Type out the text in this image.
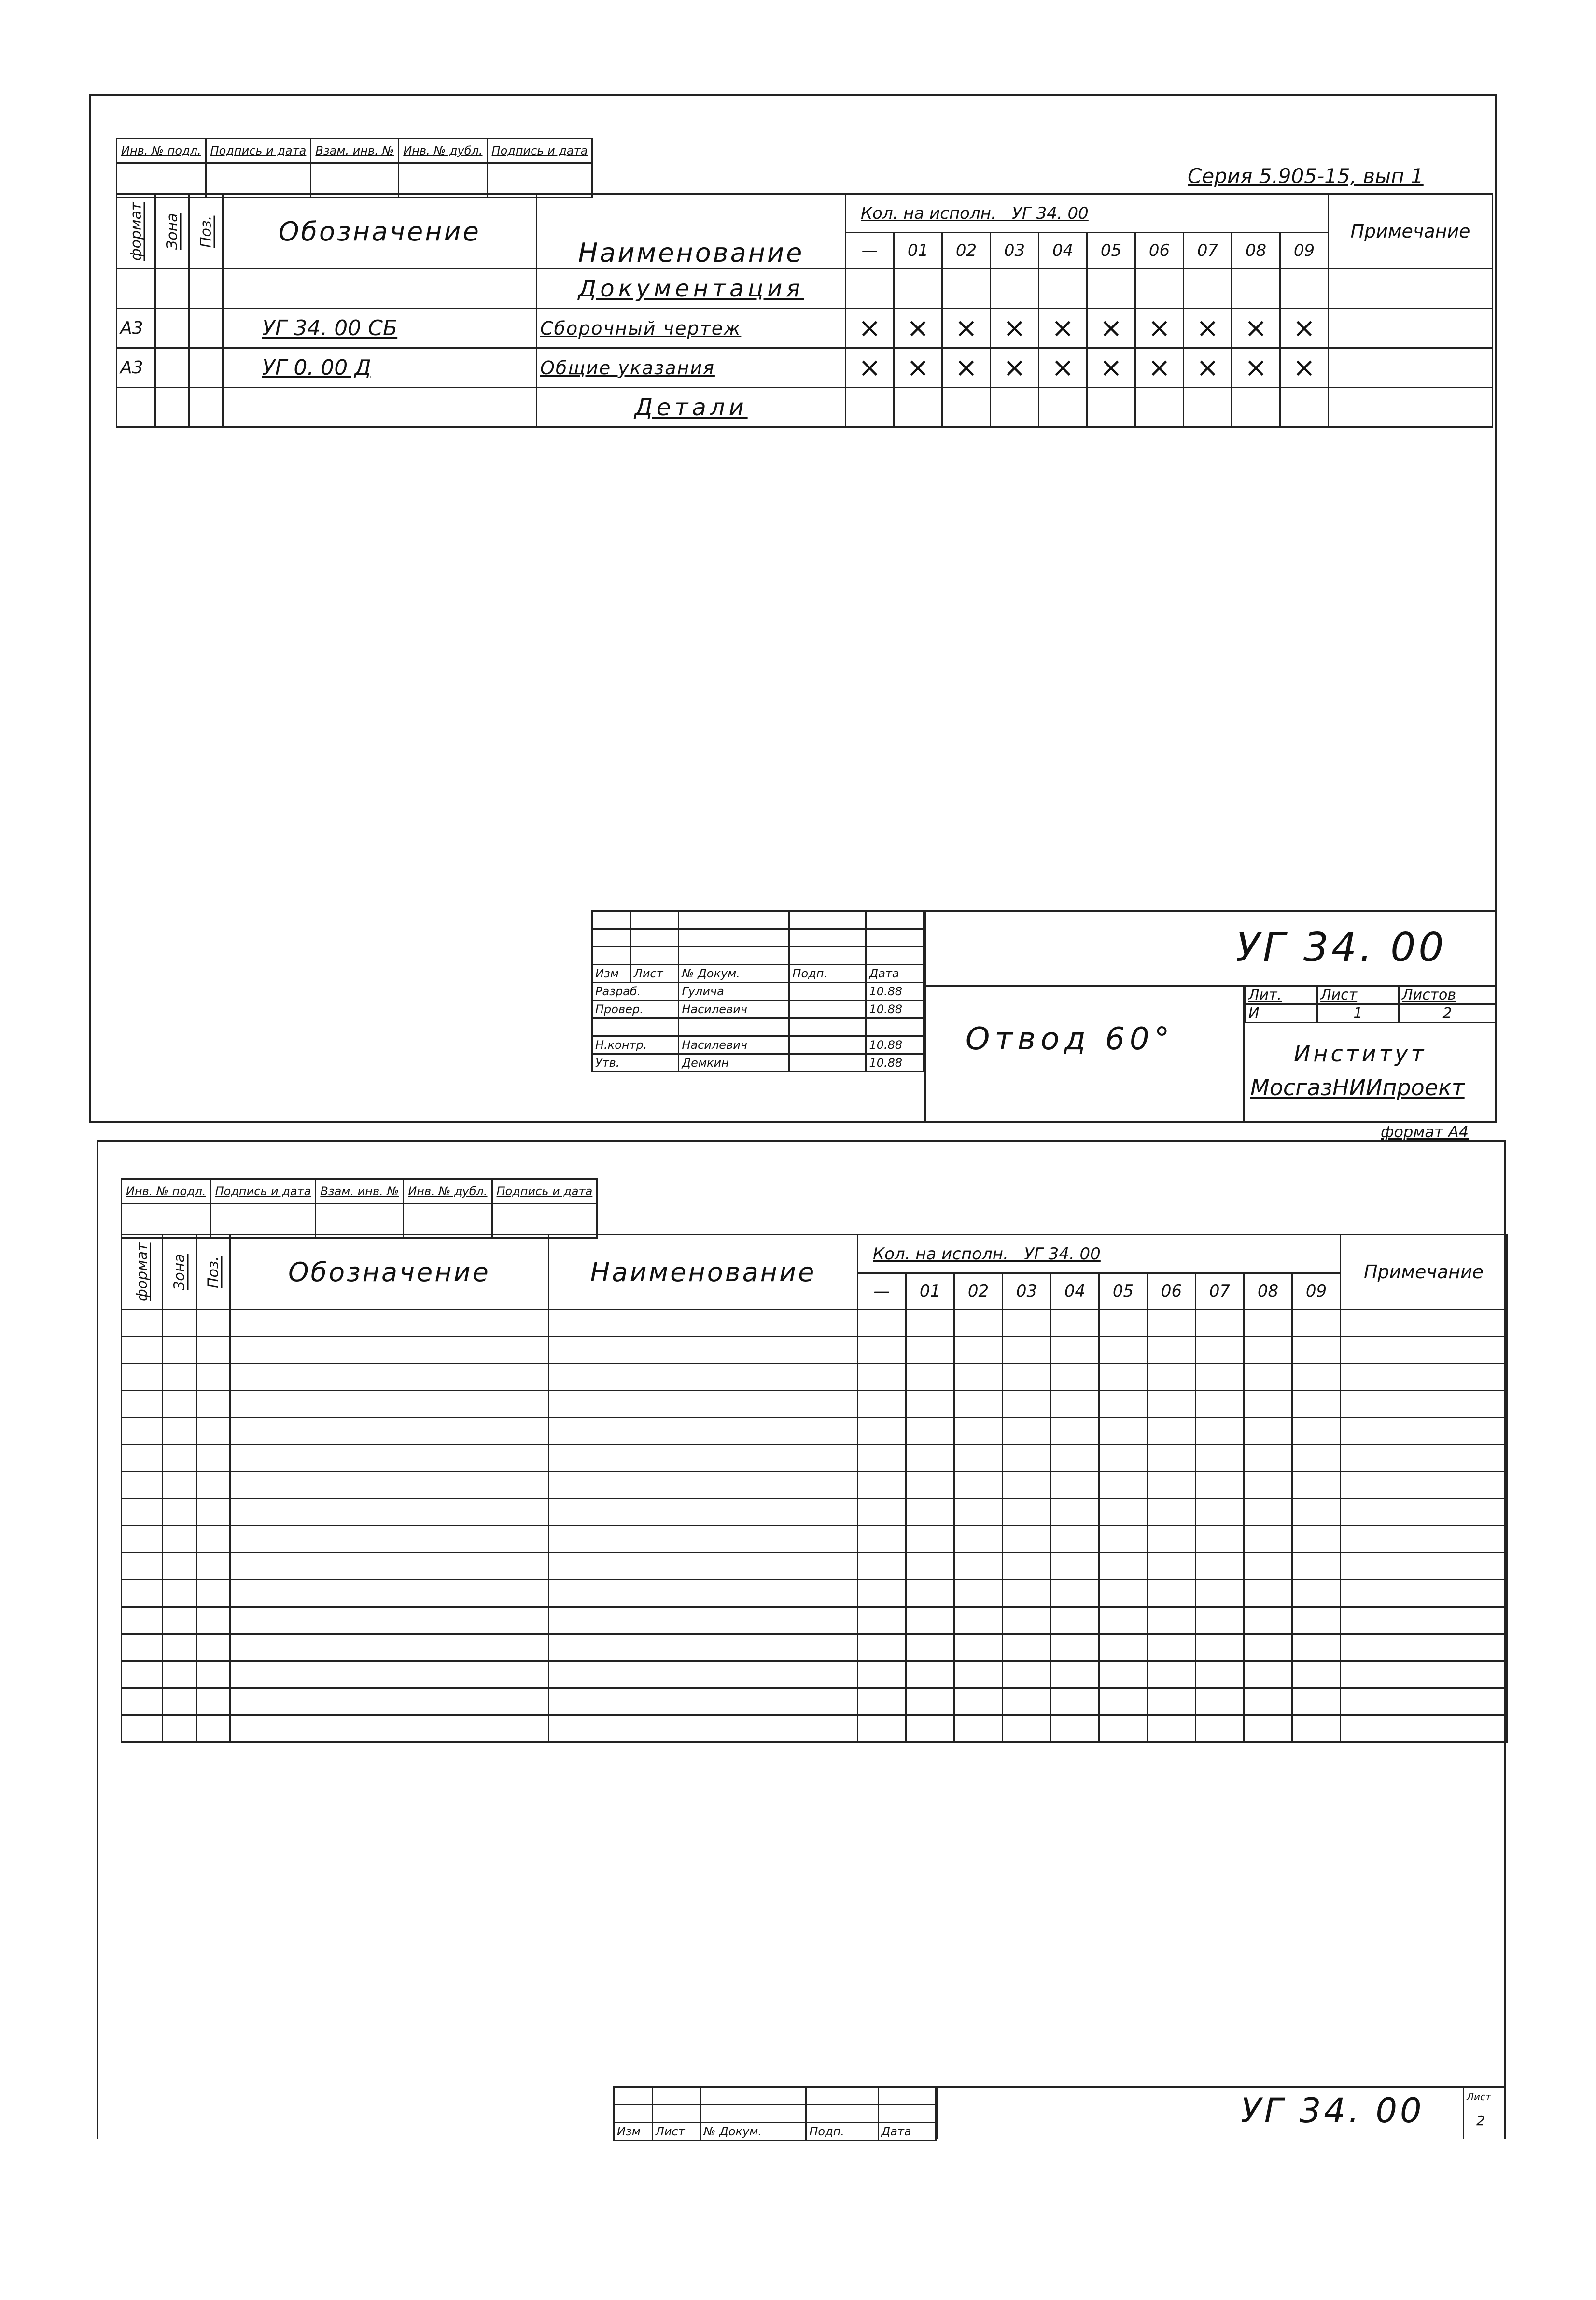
Инв. № подл.	Подпись и дата	Взам. инв. №	Инв. № дубл.	Подпись и дата

Серия 5.905-15, вып 1
формат	Зона	Поз.	Обозначение	Наименование	Кол. на исполн. УГ 34. 00										Примечание
					—	01	02	03	04	05	06	07	08	09	
				Документация											
А3			УГ 34. 00 СБ	Сборочный чертеж	×	×	×	×	×	×	×	×	×	×	
А3			УГ 0. 00 Д	Общие указания	×	×	×	×	×	×	×	×	×	×	
				Детали											

Изм	Лист	№ Докум.	Подп.	Дата
Разраб.		Гулича		10.88
Провер.		Насилевич		10.88

Н.контр.		Насилевич		10.88
Утв.		Демкин		10.88
УГ 34. 00
Отвод 60°
Лит.	Лист	Листов
И	1	2
Институт
МосгазНИИпроект
формат А4
Инв. № подл.	Подпись и дата	Взам. инв. №	Инв. № дубл.	Подпись и дата

формат	Зона	Поз.	Обозначение	Наименование	Кол. на исполн. УГ 34. 00										Примечание
					—	01	02	03	04	05	06	07	08	09	

Изм	Лист	№ Докум.	Подп.	Дата
УГ 34. 00	Лист
2
